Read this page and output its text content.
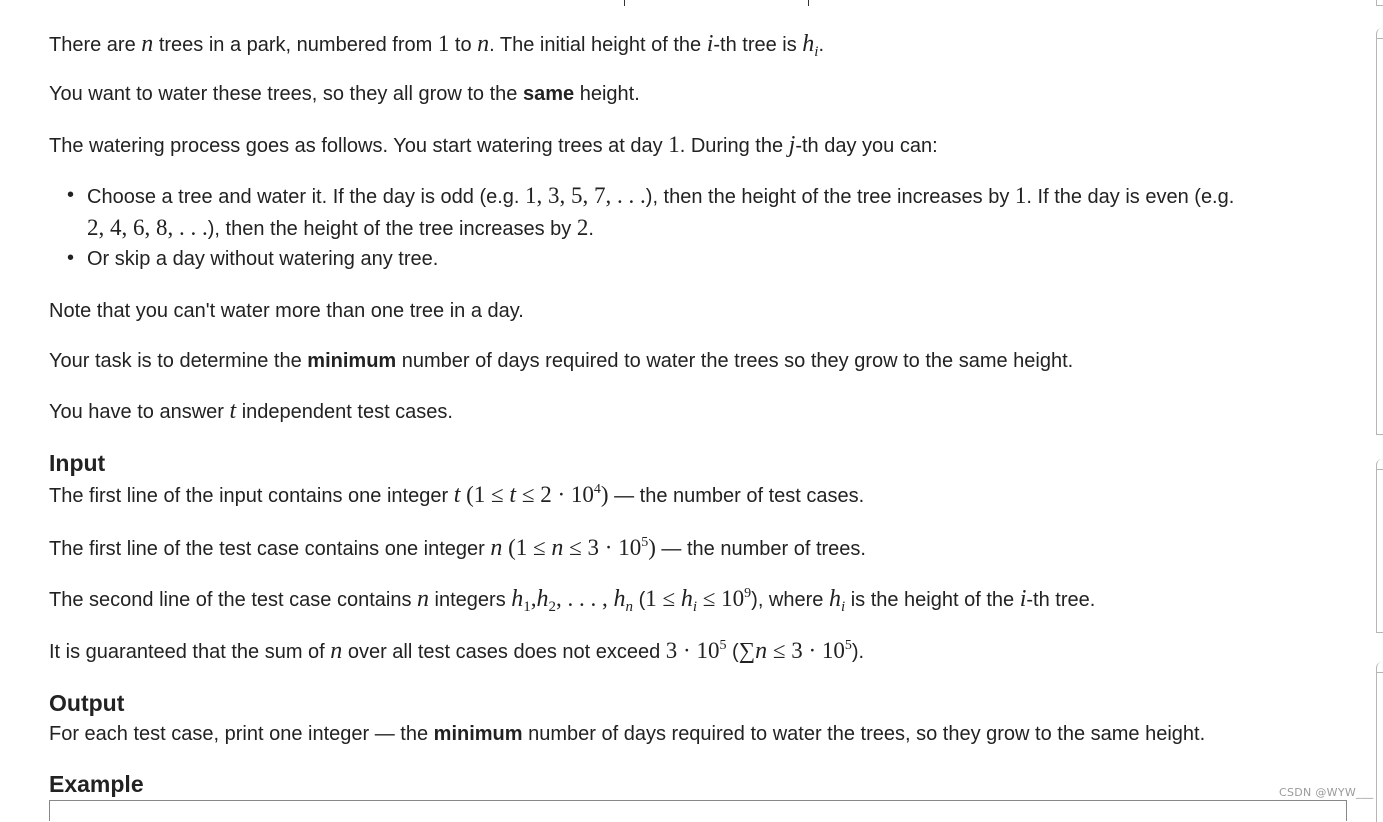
There are n trees in a park, numbered from 1 to n. The initial height of the i-th tree is $h_i$.
You want to water these trees, so they all grow to the same height.
The watering process goes as follows. You start watering trees at day 1. During the j-th day you can:
• Choose a tree and water it. If the day is odd (e.g. 1, 3, 5, 7, . . .), then the height of the tree increases by 1. If the day is even (e.g.
2, 4, 6, 8, . . .), then the height of the tree increases by 2.
• Or skip a day without watering any tree.
Note that you can't water more than one tree in a day.
Your task is to determine the minimum number of days required to water the trees so they grow to the same height.
You have to answer t independent test cases.
Input
The first line of the input contains one integer t $(1 \le t \le 2 \cdot 10^4)$ — the number of test cases.
The first line of the test case contains one integer n $(1 \le n \le 3 \cdot 10^5)$ — the number of trees.
The second line of the test case contains n integers $h_1,h_2$, . . . , $h_n$ $(1 \le h_i \le 10^9)$, where $h_i$ is the height of the i-th tree.
It is guaranteed that the sum of n over all test cases does not exceed $3 \cdot 10^5$ $(\sum n \le 3 \cdot 10^5)$.
Output
For each test case, print one integer — the minimum number of days required to water the trees, so they grow to the same height.
Example	CSDN @WYW___
